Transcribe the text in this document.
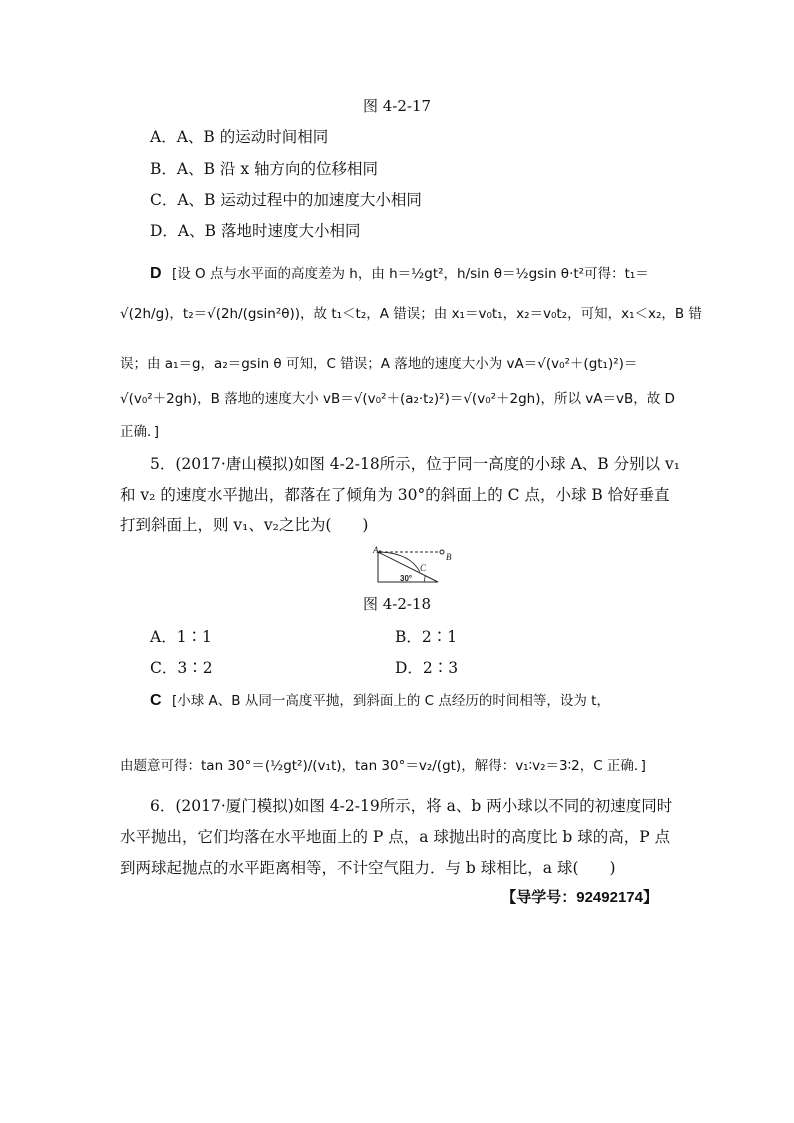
图 4-2-17
A．A、B 的运动时间相同
B．A、B 沿 x 轴方向的位移相同
C．A、B 运动过程中的加速度大小相同
D．A、B 落地时速度大小相同
D [设 O 点与水平面的高度差为 h，由 h＝½gt²，h/sin θ＝½gsin θ·t²可得：t₁＝
√(2h/g)，t₂＝√(2h/(gsin²θ))，故 t₁＜t₂，A 错误；由 x₁＝v₀t₁，x₂＝v₀t₂，可知，x₁＜x₂，B 错
误；由 a₁＝g，a₂＝gsin θ 可知，C 错误；A 落地的速度大小为 vA＝√(v₀²＋(gt₁)²)＝
√(v₀²＋2gh)，B 落地的速度大小 vB＝√(v₀²＋(a₂·t₂)²)＝√(v₀²＋2gh)，所以 vA＝vB，故 D
正确．]
5．(2017·唐山模拟)如图 4-2-18所示，位于同一高度的小球 A、B 分别以 v₁
和 v₂ 的速度水平抛出，都落在了倾角为 30°的斜面上的 C 点，小球 B 恰好垂直
打到斜面上，则 v₁、v₂之比为(　　)
A
B
C
30°
图 4-2-18
A．1∶1	B．2∶1
C．3∶2	D．2∶3
C [小球 A、B 从同一高度平抛，到斜面上的 C 点经历的时间相等，设为 t，
由题意可得：tan 30°＝(½gt²)/(v₁t)，tan 30°＝v₂/(gt)，解得：v₁∶v₂＝3∶2，C 正确．]
6．(2017·厦门模拟)如图 4-2-19所示，将 a、b 两小球以不同的初速度同时
水平抛出，它们均落在水平地面上的 P 点，a 球抛出时的高度比 b 球的高，P 点
到两球起抛点的水平距离相等，不计空气阻力．与 b 球相比，a 球(　　)
【导学号：92492174】
